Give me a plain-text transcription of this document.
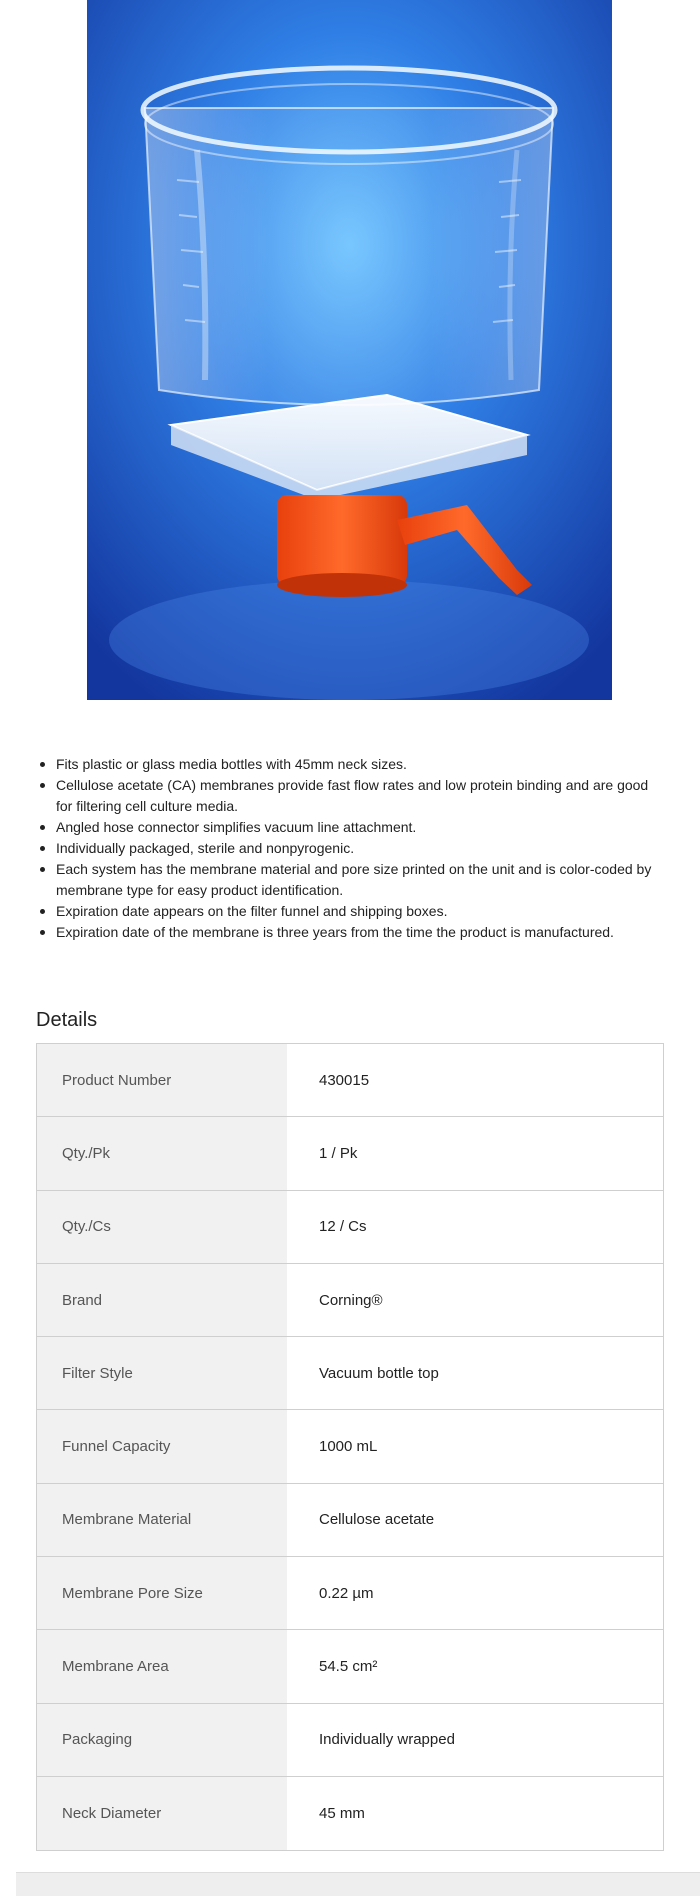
Fits plastic or glass media bottles with 45mm neck sizes.
Cellulose acetate (CA) membranes provide fast flow rates and low protein binding and are good for filtering cell culture media.
Angled hose connector simplifies vacuum line attachment.
Individually packaged, sterile and nonpyrogenic.
Each system has the membrane material and pore size printed on the unit and is color-coded by membrane type for easy product identification.
Expiration date appears on the filter funnel and shipping boxes.
Expiration date of the membrane is three years from the time the product is manufactured.
Details
Product Number	430015
Qty./Pk	1 / Pk
Qty./Cs	12 / Cs
Brand	Corning®
Filter Style	Vacuum bottle top
Funnel Capacity	1000 mL
Membrane Material	Cellulose acetate
Membrane Pore Size	0.22 µm
Membrane Area	54.5 cm²
Packaging	Individually wrapped
Neck Diameter	45 mm
